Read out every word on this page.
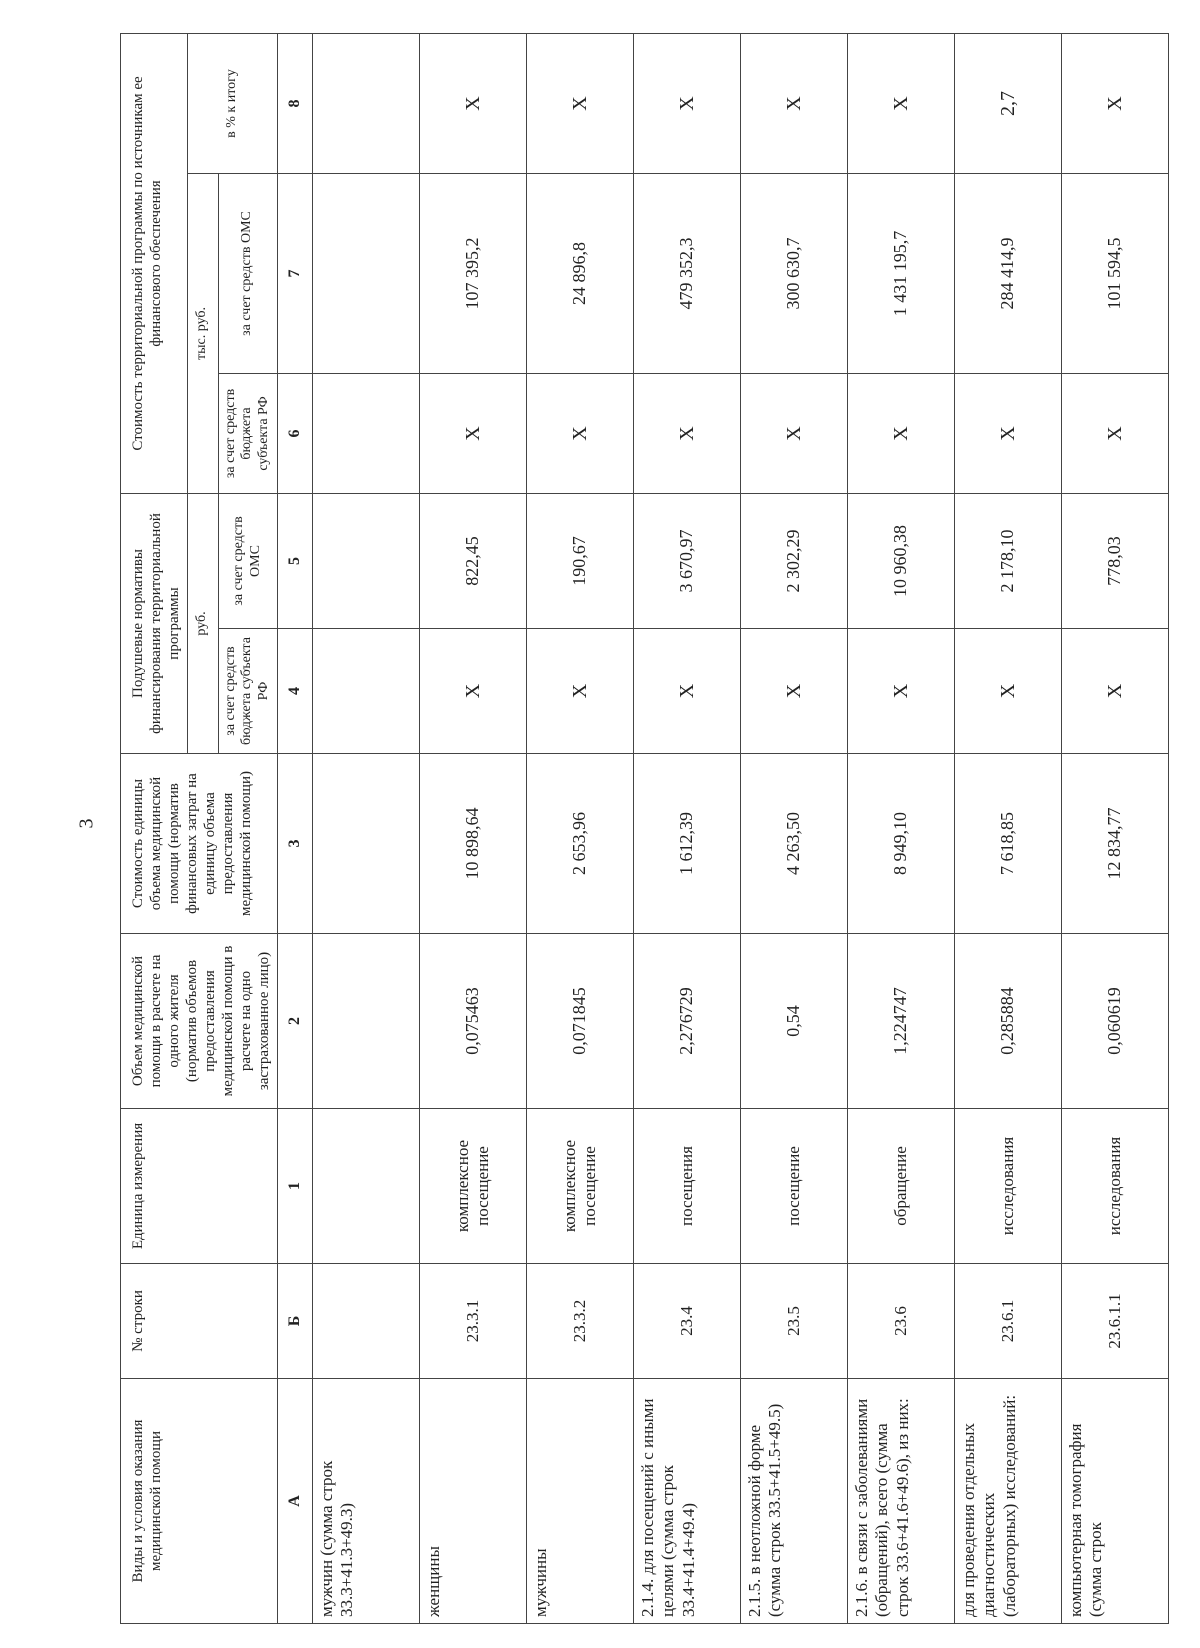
3
Виды и условия оказания медицинской помощи	№ строки	Единица измерения	Объем медицинской помощи в расчете на одного жителя (норматив объемов предоставления медицинской помощи в расчете на одно застрахованное лицо)	Стоимость единицы объема медицинской помощи (норматив финансовых затрат на единицу объема предоставления медицинской помощи)	Подушевые нормативы финансирования территориальной программы		Стоимость территориальной программы по источникам ее финансового обеспечения		
					руб.		тыс. руб.		в % к итогу
					за счет средств бюджета субъекта РФ	за счет средств ОМС	за счет средств бюджета субъекта РФ	за счет средств ОМС	
А	Б	1	2	3	4	5	6	7	8
мужчин (сумма строк 33.3+41.3+49.3)									
женщины	23.3.1	комплексное посещение	0,075463	10 898,64	X	822,45	X	107 395,2	X
мужчины	23.3.2	комплексное посещение	0,071845	2 653,96	X	190,67	X	24 896,8	X
2.1.4. для посещений с иными целями (сумма строк 33.4+41.4+49.4)	23.4	посещения	2,276729	1 612,39	X	3 670,97	X	479 352,3	X
2.1.5. в неотложной форме (сумма строк 33.5+41.5+49.5)	23.5	посещение	0,54	4 263,50	X	2 302,29	X	300 630,7	X
2.1.6. в связи с заболеваниями (обращений), всего (сумма строк 33.6+41.6+49.6), из них:	23.6	обращение	1,224747	8 949,10	X	10 960,38	X	1 431 195,7	X
для проведения отдельных диагностических (лабораторных) исследований:	23.6.1	исследования	0,285884	7 618,85	X	2 178,10	X	284 414,9	2,7
компьютерная томография (сумма строк	23.6.1.1	исследования	0,060619	12 834,77	X	778,03	X	101 594,5	X
